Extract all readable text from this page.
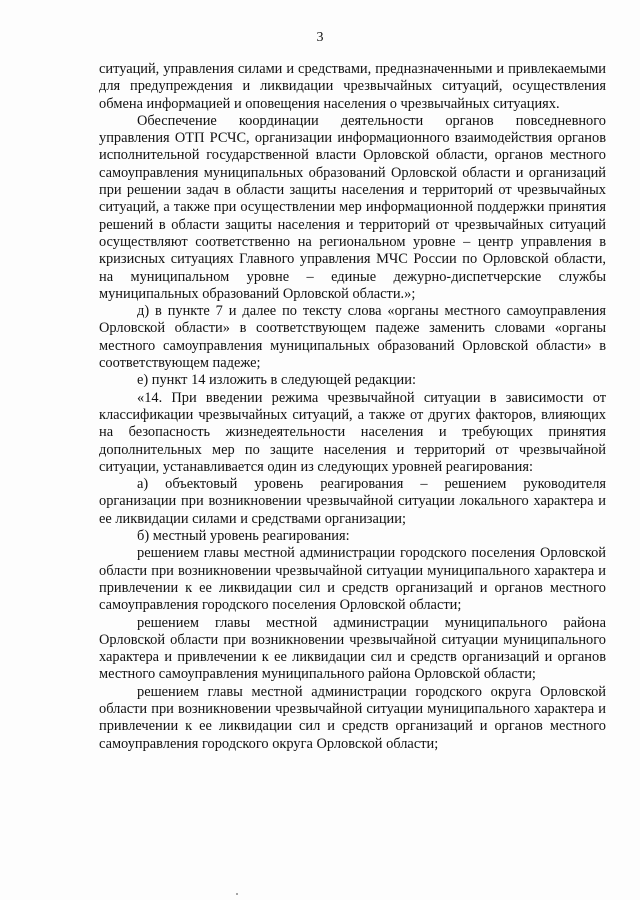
3

ситуаций, управления силами и средствами, предназначенными и привлекаемыми для предупреждения и ликвидации чрезвычайных ситуаций, осуществления обмена информацией и оповещения населения о чрезвычайных ситуациях.

Обеспечение координации деятельности органов повседневного управления ОТП РСЧС, организации информационного взаимодействия органов исполнительной государственной власти Орловской области, органов местного самоуправления муниципальных образований Орловской области и организаций при решении задач в области защиты населения и территорий от чрезвычайных ситуаций, а также при осуществлении мер информационной поддержки принятия решений в области защиты населения и территорий от чрезвычайных ситуаций осуществляют соответственно на региональном уровне – центр управления в кризисных ситуациях Главного управления МЧС России по Орловской области, на муниципальном уровне – единые дежурно-диспетчерские службы муниципальных образований Орловской области.»;

д) в пункте 7 и далее по тексту слова «органы местного самоуправления Орловской области» в соответствующем падеже заменить словами «органы местного самоуправления муниципальных образований Орловской области» в соответствующем падеже;

е) пункт 14 изложить в следующей редакции:

«14. При введении режима чрезвычайной ситуации в зависимости от классификации чрезвычайных ситуаций, а также от других факторов, влияющих на безопасность жизнедеятельности населения и требующих принятия дополнительных мер по защите населения и территорий от чрезвычайной ситуации, устанавливается один из следующих уровней реагирования:

а) объектовый уровень реагирования – решением руководителя организации при возникновении чрезвычайной ситуации локального характера и ее ликвидации силами и средствами организации;

б) местный уровень реагирования:

решением главы местной администрации городского поселения Орловской области при возникновении чрезвычайной ситуации муниципального характера и привлечении к ее ликвидации сил и средств организаций и органов местного самоуправления городского поселения Орловской области;

решением главы местной администрации муниципального района Орловской области при возникновении чрезвычайной ситуации муниципального характера и привлечении к ее ликвидации сил и средств организаций и органов местного самоуправления муниципального района Орловской области;

решением главы местной администрации городского округа Орловской области при возникновении чрезвычайной ситуации муниципального характера и привлечении к ее ликвидации сил и средств организаций и органов местного самоуправления городского округа Орловской области;
